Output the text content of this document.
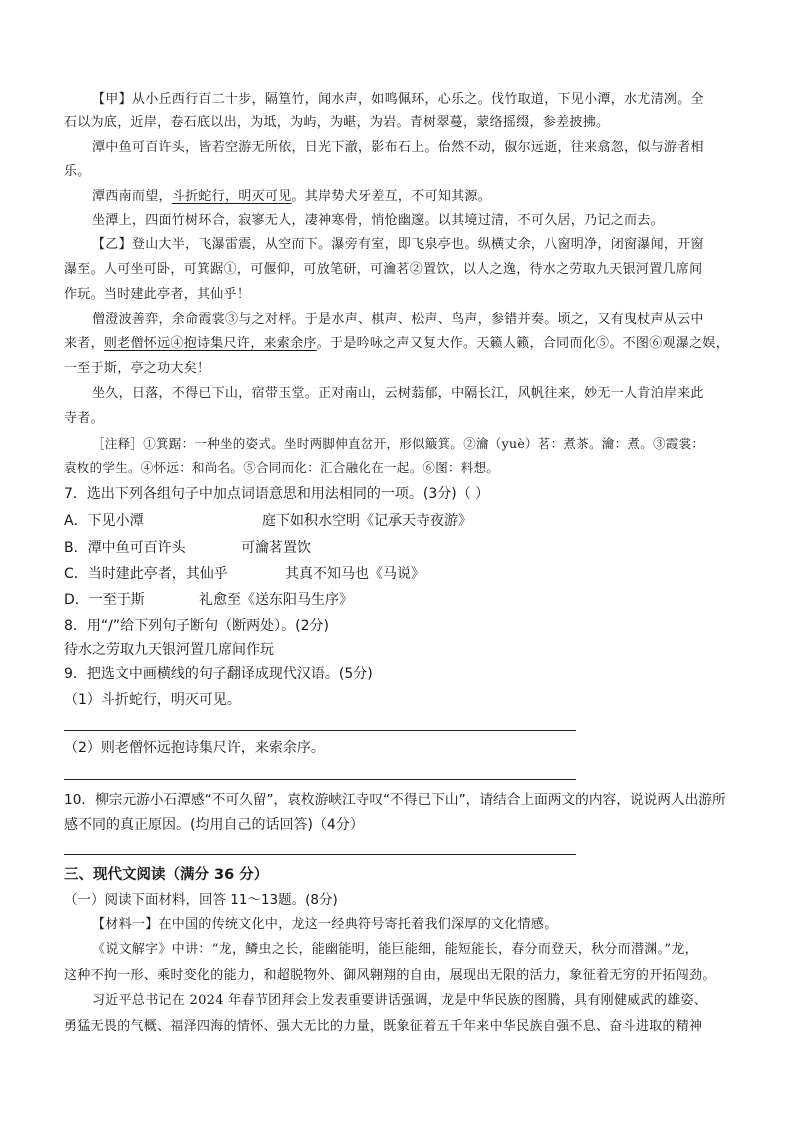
【甲】从小丘西行百二十步，隔篁竹，闻水声，如鸣佩环，心乐之。伐竹取道，下见小潭，水尤清冽。全
石以为底，近岸，卷石底以出，为坻，为屿，为嵁，为岩。青树翠蔓，蒙络摇缀，参差披拂。
潭中鱼可百许头，皆若空游无所依，日光下澈，影布石上。佁然不动，俶尔远逝，往来翕忽，似与游者相
乐。
潭西南而望，斗折蛇行，明灭可见。其岸势犬牙差互，不可知其源。
坐潭上，四面竹树环合，寂寥无人，凄神寒骨，悄怆幽邃。以其境过清，不可久居，乃记之而去。
【乙】登山大半，飞瀑雷震，从空而下。瀑旁有室，即飞泉亭也。纵横丈余，八窗明净，闭窗瀑闻，开窗
瀑至。人可坐可卧，可箕踞①，可偃仰，可放笔研，可瀹茗②置饮，以人之逸，待水之劳取九天银河置几席间
作玩。当时建此亭者，其仙乎！
僧澄波善弈，余命霞裳③与之对枰。于是水声、棋声、松声、鸟声，参错并奏。顷之，又有曳杖声从云中
来者，则老僧怀远④抱诗集尺许，来索余序。于是吟咏之声又复大作。天籁人籁，合同而化⑤。不图⑥观瀑之娱，
一至于斯，亭之功大矣！
坐久，日落，不得已下山，宿带玉堂。正对南山，云树蓊郁，中隔长江，风帆往来，妙无一人肯泊岸来此
寺者。
［注释］①箕踞：一种坐的姿式。坐时两脚伸直岔开，形似簸箕。②瀹（yuè）茗：煮茶。瀹：煮。③霞裳：
袁枚的学生。④怀远：和尚名。⑤合同而化：汇合融化在一起。⑥图：料想。
7．选出下列各组句子中加点词语意思和用法相同的一项。(3分)（ ）
A．下见小潭	庭下如积水空明《记承天寺夜游》
B．潭中鱼可百许头	可瀹茗置饮
C．当时建此亭者，其仙乎	其真不知马也《马说》
D．一至于斯	礼愈至《送东阳马生序》
8．用“/”给下列句子断句（断两处）。(2分)
待水之劳取九天银河置几席间作玩
9．把选文中画横线的句子翻译成现代汉语。(5分)
（1）斗折蛇行，明灭可见。
（2）则老僧怀远抱诗集尺许，来索余序。
10．柳宗元游小石潭感“不可久留”，袁枚游峡江寺叹“不得已下山”，请结合上面两文的内容，说说两人出游所
感不同的真正原因。(均用自己的话回答)（4分）
三、现代文阅读（满分 36 分）
（一）阅读下面材料，回答 11～13题。(8分)
【材料一】在中国的传统文化中，龙这一经典符号寄托着我们深厚的文化情感。
《说文解字》中讲：“龙，鳞虫之长，能幽能明，能巨能细，能短能长，春分而登天，秋分而潜渊。”龙，
这种不拘一形、乘时变化的能力，和超脱物外、御风翱翔的自由，展现出无限的活力，象征着无穷的开拓闯劲。
习近平总书记在 2024 年春节团拜会上发表重要讲话强调，龙是中华民族的图腾，具有刚健威武的雄姿、
勇猛无畏的气概、福泽四海的情怀、强大无比的力量，既象征着五千年来中华民族自强不息、奋斗进取的精神
